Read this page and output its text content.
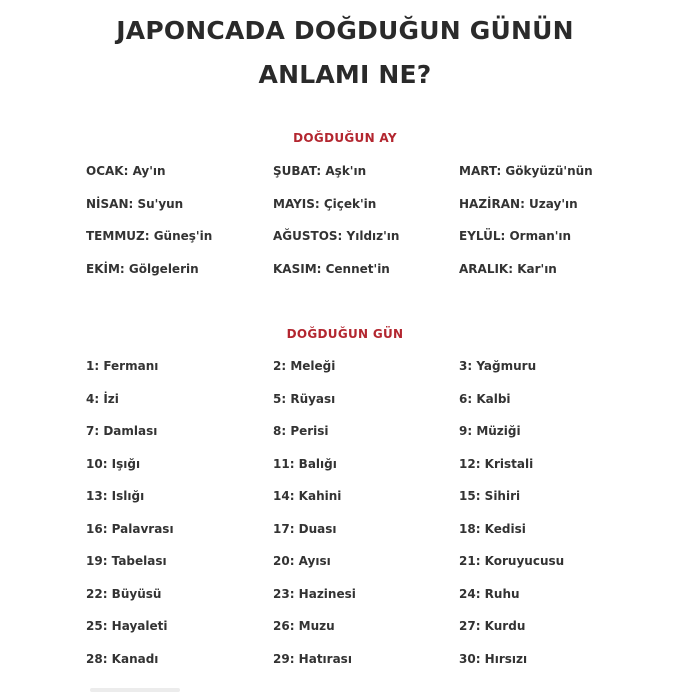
JAPONCADA DOĞDUĞUN GÜNÜN
ANLAMI NE?
DOĞDUĞUN AY
OCAK: Ay'ın	ŞUBAT: Aşk'ın	MART: Gökyüzü'nün
NİSAN: Su'yun	MAYIS: Çiçek'in	HAZİRAN: Uzay'ın
TEMMUZ: Güneş'in	AĞUSTOS: Yıldız'ın	EYLÜL: Orman'ın
EKİM: Gölgelerin	KASIM: Cennet'in	ARALIK: Kar'ın
DOĞDUĞUN GÜN
1: Fermanı	2: Meleği	3: Yağmuru
4: İzi	5: Rüyası	6: Kalbi
7: Damlası	8: Perisi	9: Müziği
10: Işığı	11: Balığı	12: Kristali
13: Islığı	14: Kahini	15: Sihiri
16: Palavrası	17: Duası	18: Kedisi
19: Tabelası	20: Ayısı	21: Koruyucusu
22: Büyüsü	23: Hazinesi	24: Ruhu
25: Hayaleti	26: Muzu	27: Kurdu
28: Kanadı	29: Hatırası	30: Hırsızı
